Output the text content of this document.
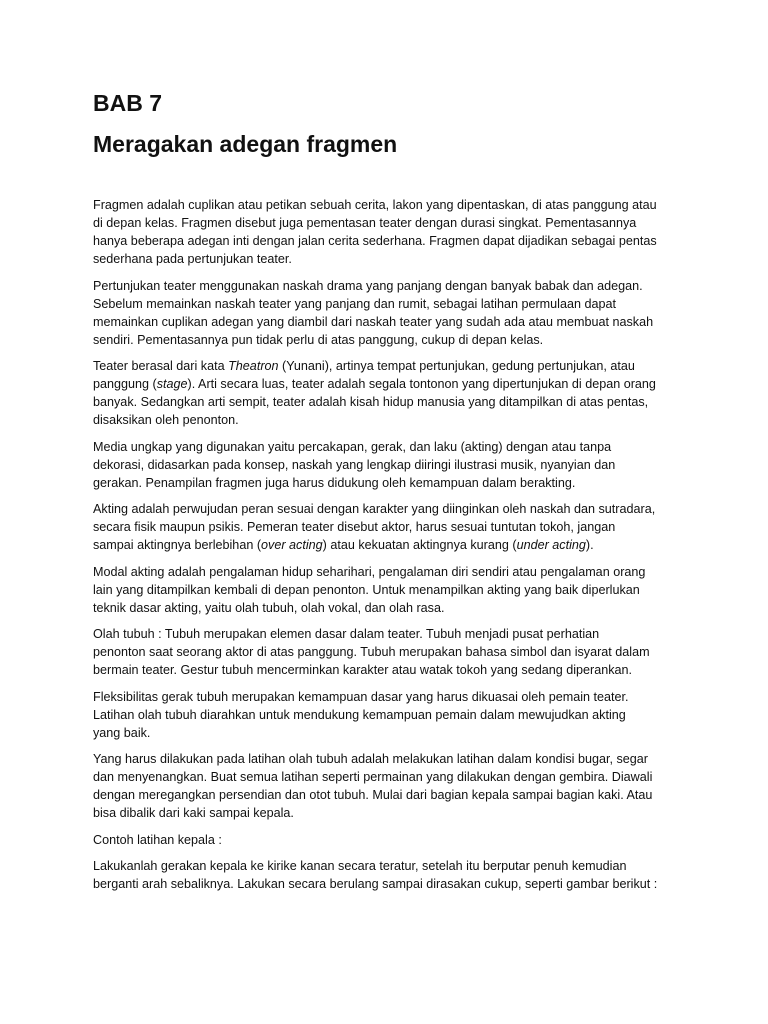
BAB 7
Meragakan adegan fragmen

Fragmen adalah cuplikan atau petikan sebuah cerita, lakon yang dipentaskan, di atas panggung atau
di depan kelas. Fragmen disebut juga pementasan teater dengan durasi singkat. Pementasannya
hanya beberapa adegan inti dengan jalan cerita sederhana. Fragmen dapat dijadikan sebagai pentas
sederhana pada pertunjukan teater.

Pertunjukan teater menggunakan naskah drama yang panjang dengan banyak babak dan adegan.
Sebelum memainkan naskah teater yang panjang dan rumit, sebagai latihan permulaan dapat
memainkan cuplikan adegan yang diambil dari naskah teater yang sudah ada atau membuat naskah
sendiri. Pementasannya pun tidak perlu di atas panggung, cukup di depan kelas.

Teater berasal dari kata Theatron (Yunani), artinya tempat pertunjukan, gedung pertunjukan, atau
panggung (stage). Arti secara luas, teater adalah segala tontonon yang dipertunjukan di depan orang
banyak. Sedangkan arti sempit, teater adalah kisah hidup manusia yang ditampilkan di atas pentas,
disaksikan oleh penonton.

Media ungkap yang digunakan yaitu percakapan, gerak, dan laku (akting) dengan atau tanpa
dekorasi, didasarkan pada konsep, naskah yang lengkap diiringi ilustrasi musik, nyanyian dan
gerakan. Penampilan fragmen juga harus didukung oleh kemampuan dalam berakting.

Akting adalah perwujudan peran sesuai dengan karakter yang diinginkan oleh naskah dan sutradara,
secara fisik maupun psikis. Pemeran teater disebut aktor, harus sesuai tuntutan tokoh, jangan
sampai aktingnya berlebihan (over acting) atau kekuatan aktingnya kurang (under acting).

Modal akting adalah pengalaman hidup seharihari, pengalaman diri sendiri atau pengalaman orang
lain yang ditampilkan kembali di depan penonton. Untuk menampilkan akting yang baik diperlukan
teknik dasar akting, yaitu olah tubuh, olah vokal, dan olah rasa.

Olah tubuh : Tubuh merupakan elemen dasar dalam teater. Tubuh menjadi pusat perhatian
penonton saat seorang aktor di atas panggung. Tubuh merupakan bahasa simbol dan isyarat dalam
bermain teater. Gestur tubuh mencerminkan karakter atau watak tokoh yang sedang diperankan.

Fleksibilitas gerak tubuh merupakan kemampuan dasar yang harus dikuasai oleh pemain teater.
Latihan olah tubuh diarahkan untuk mendukung kemampuan pemain dalam mewujudkan akting
yang baik.

Yang harus dilakukan pada latihan olah tubuh adalah melakukan latihan dalam kondisi bugar, segar
dan menyenangkan. Buat semua latihan seperti permainan yang dilakukan dengan gembira. Diawali
dengan meregangkan persendian dan otot tubuh. Mulai dari bagian kepala sampai bagian kaki. Atau
bisa dibalik dari kaki sampai kepala.

Contoh latihan kepala :

Lakukanlah gerakan kepala ke kirike kanan secara teratur, setelah itu berputar penuh kemudian
berganti arah sebaliknya. Lakukan secara berulang sampai dirasakan cukup, seperti gambar berikut :
